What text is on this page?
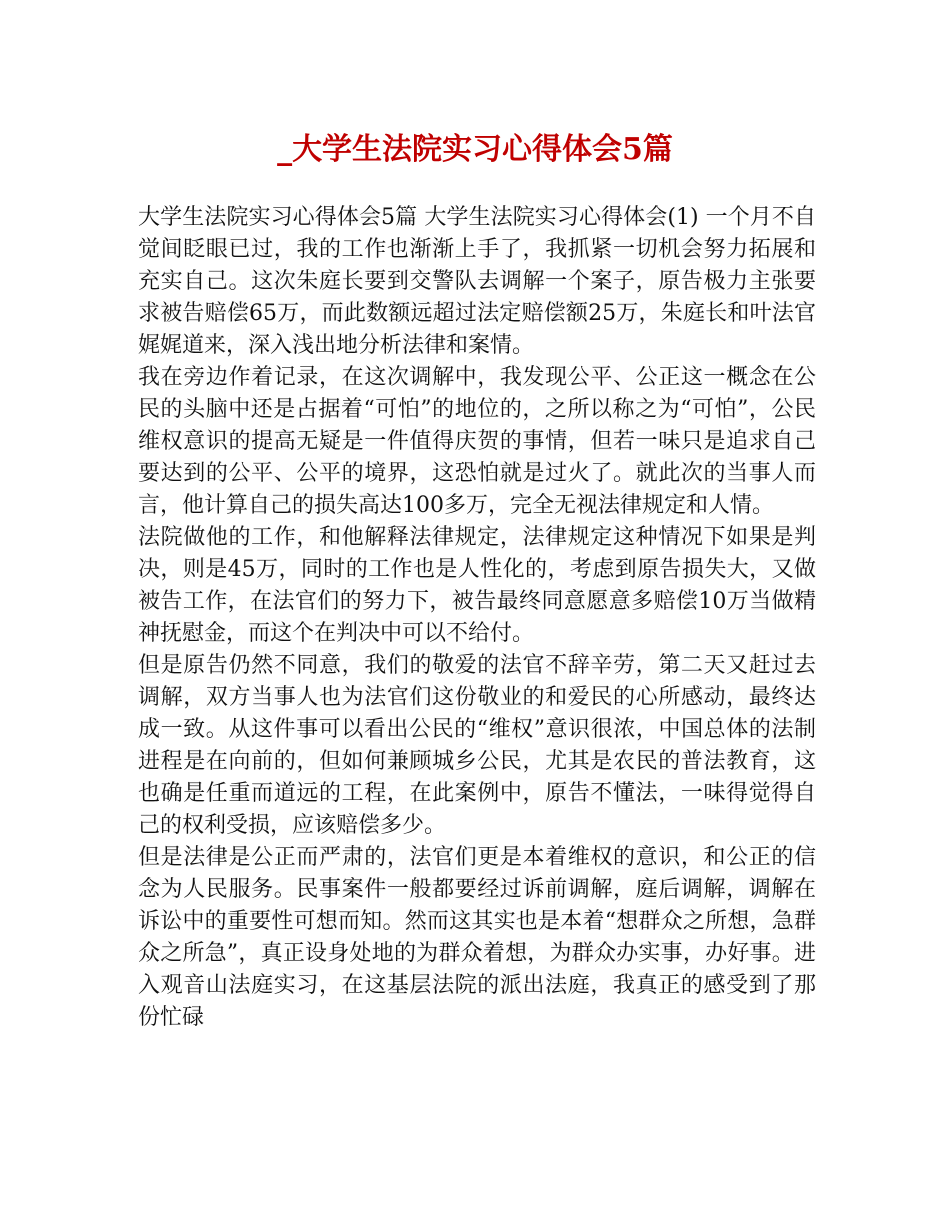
_大学生法院实习心得体会5篇

大学生法院实习心得体会5篇 大学生法院实习心得体会(1) 一个月不自觉间眨眼已过，我的工作也渐渐上手了，我抓紧一切机会努力拓展和充实自己。这次朱庭长要到交警队去调解一个案子，原告极力主张要求被告赔偿65万，而此数额远超过法定赔偿额25万，朱庭长和叶法官娓娓道来，深入浅出地分析法律和案情。

我在旁边作着记录，在这次调解中，我发现公平、公正这一概念在公民的头脑中还是占据着“可怕”的地位的，之所以称之为“可怕”，公民维权意识的提高无疑是一件值得庆贺的事情，但若一味只是追求自己要达到的公平、公平的境界，这恐怕就是过火了。就此次的当事人而言，他计算自己的损失高达100多万，完全无视法律规定和人情。

法院做他的工作，和他解释法律规定，法律规定这种情况下如果是判决，则是45万，同时的工作也是人性化的，考虑到原告损失大，又做被告工作，在法官们的努力下，被告最终同意愿意多赔偿10万当做精神抚慰金，而这个在判决中可以不给付。

但是原告仍然不同意，我们的敬爱的法官不辞辛劳，第二天又赶过去调解，双方当事人也为法官们这份敬业的和爱民的心所感动，最终达成一致。从这件事可以看出公民的“维权”意识很浓，中国总体的法制进程是在向前的，但如何兼顾城乡公民，尤其是农民的普法教育，这也确是任重而道远的工程，在此案例中，原告不懂法，一味得觉得自己的权利受损，应该赔偿多少。

但是法律是公正而严肃的，法官们更是本着维权的意识，和公正的信念为人民服务。民事案件一般都要经过诉前调解，庭后调解，调解在诉讼中的重要性可想而知。然而这其实也是本着“想群众之所想，急群众之所急”，真正设身处地的为群众着想，为群众办实事，办好事。进入观音山法庭实习，在这基层法院的派出法庭，我真正的感受到了那份忙碌
